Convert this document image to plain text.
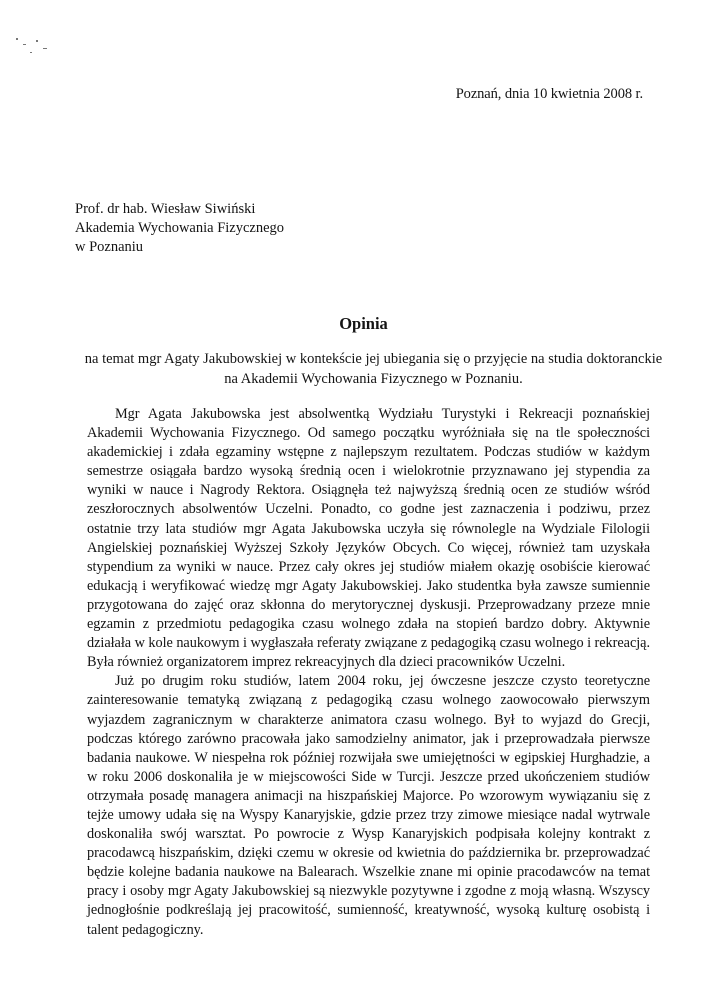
Poznań, dnia 10 kwietnia 2008 r.
Prof. dr hab. Wiesław Siwiński
Akademia Wychowania Fizycznego
w Poznaniu
Opinia
na temat mgr Agaty Jakubowskiej w kontekście jej ubiegania się o przyjęcie na studia doktoranckie
na Akademii Wychowania Fizycznego w Poznaniu.

Mgr Agata Jakubowska jest absolwentką Wydziału Turystyki i Rekreacji poznańskiej Akademii Wychowania Fizycznego. Od samego początku wyróżniała się na tle społeczności akademickiej i zdała egzaminy wstępne z najlepszym rezultatem. Podczas studiów w każdym semestrze osiągała bardzo wysoką średnią ocen i wielokrotnie przyznawano jej stypendia za wyniki w nauce i Nagrody Rektora. Osiągnęła też najwyższą średnią ocen ze studiów wśród zeszłorocznych absolwentów Uczelni. Ponadto, co godne jest zaznaczenia i podziwu, przez ostatnie trzy lata studiów mgr Agata Jakubowska uczyła się równolegle na Wydziale Filologii Angielskiej poznańskiej Wyższej Szkoły Języków Obcych. Co więcej, również tam uzyskała stypendium za wyniki w nauce. Przez cały okres jej studiów miałem okazję osobiście kierować edukacją i weryfikować wiedzę mgr Agaty Jakubowskiej. Jako studentka była zawsze sumiennie przygotowana do zajęć oraz skłonna do merytorycznej dyskusji. Przeprowadzany przeze mnie egzamin z przedmiotu pedagogika czasu wolnego zdała na stopień bardzo dobry. Aktywnie działała w kole naukowym i wygłaszała referaty związane z pedagogiką czasu wolnego i rekreacją. Była również organizatorem imprez rekreacyjnych dla dzieci pracowników Uczelni.

Już po drugim roku studiów, latem 2004 roku, jej ówczesne jeszcze czysto teoretyczne zainteresowanie tematyką związaną z pedagogiką czasu wolnego zaowocowało pierwszym wyjazdem zagranicznym w charakterze animatora czasu wolnego. Był to wyjazd do Grecji, podczas którego zarówno pracowała jako samodzielny animator, jak i przeprowadzała pierwsze badania naukowe. W niespełna rok później rozwijała swe umiejętności w egipskiej Hurghadzie, a w roku 2006 doskonaliła je w miejscowości Side w Turcji. Jeszcze przed ukończeniem studiów otrzymała posadę managera animacji na hiszpańskiej Majorce. Po wzorowym wywiązaniu się z tejże umowy udała się na Wyspy Kanaryjskie, gdzie przez trzy zimowe miesiące nadal wytrwale doskonaliła swój warsztat. Po powrocie z Wysp Kanaryjskich podpisała kolejny kontrakt z pracodawcą hiszpańskim, dzięki czemu w okresie od kwietnia do października br. przeprowadzać będzie kolejne badania naukowe na Balearach. Wszelkie znane mi opinie pracodawców na temat pracy i osoby mgr Agaty Jakubowskiej są niezwykle pozytywne i zgodne z moją własną. Wszyscy jednogłośnie podkreślają jej pracowitość, sumienność, kreatywność, wysoką kulturę osobistą i talent pedagogiczny.
